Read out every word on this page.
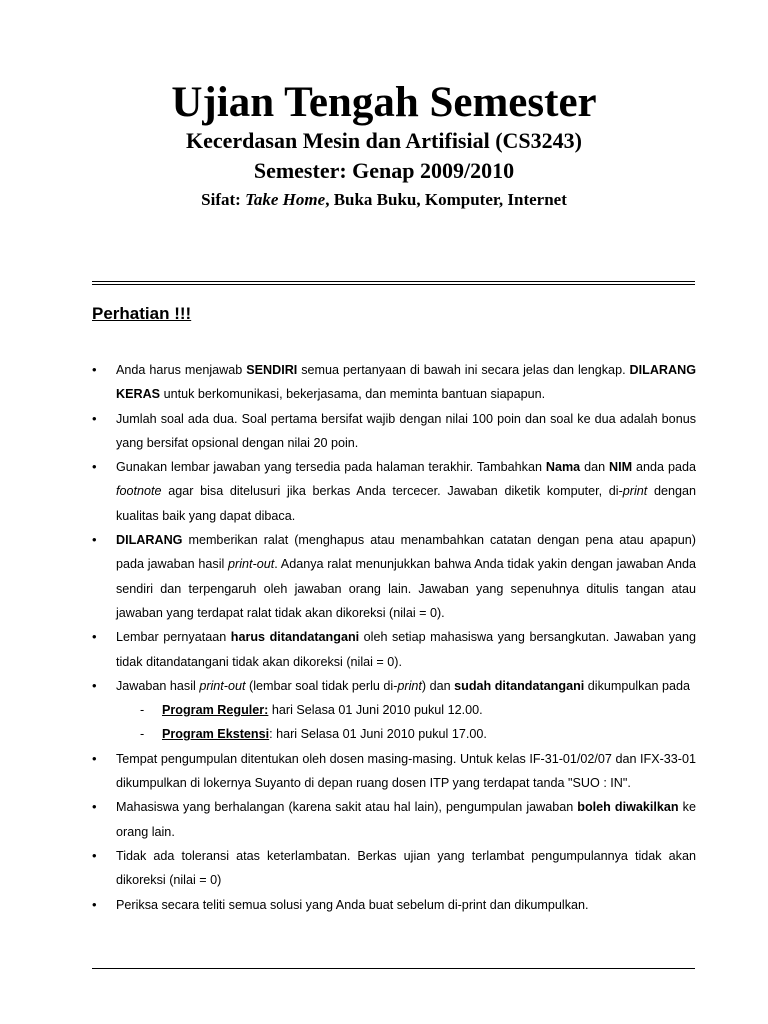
Ujian Tengah Semester

Kecerdasan Mesin dan Artifisial (CS3243)

Semester: Genap 2009/2010

Sifat: Take Home, Buka Buku, Komputer, Internet

Perhatian !!!
• Anda harus menjawab SENDIRI semua pertanyaan di bawah ini secara jelas dan lengkap. DILARANG KERAS untuk berkomunikasi, bekerjasama, dan meminta bantuan siapapun.
• Jumlah soal ada dua. Soal pertama bersifat wajib dengan nilai 100 poin dan soal ke dua adalah bonus yang bersifat opsional dengan nilai 20 poin.
• Gunakan lembar jawaban yang tersedia pada halaman terakhir. Tambahkan Nama dan NIM anda pada footnote agar bisa ditelusuri jika berkas Anda tercecer. Jawaban diketik komputer, di-print dengan kualitas baik yang dapat dibaca.
• DILARANG memberikan ralat (menghapus atau menambahkan catatan dengan pena atau apapun) pada jawaban hasil print-out. Adanya ralat menunjukkan bahwa Anda tidak yakin dengan jawaban Anda sendiri dan terpengaruh oleh jawaban orang lain. Jawaban yang sepenuhnya ditulis tangan atau jawaban yang terdapat ralat tidak akan dikoreksi (nilai = 0).
• Lembar pernyataan harus ditandatangani oleh setiap mahasiswa yang bersangkutan. Jawaban yang tidak ditandatangani tidak akan dikoreksi (nilai = 0).
• Jawaban hasil print-out (lembar soal tidak perlu di-print) dan sudah ditandatangani dikumpulkan pada
- Program Reguler: hari Selasa 01 Juni 2010 pukul 12.00.
- Program Ekstensi: hari Selasa 01 Juni 2010 pukul 17.00.
• Tempat pengumpulan ditentukan oleh dosen masing-masing. Untuk kelas IF-31-01/02/07 dan IFX-33-01 dikumpulkan di lokernya Suyanto di depan ruang dosen ITP yang terdapat tanda "SUO : IN".
• Mahasiswa yang berhalangan (karena sakit atau hal lain), pengumpulan jawaban boleh diwakilkan ke orang lain.
• Tidak ada toleransi atas keterlambatan. Berkas ujian yang terlambat pengumpulannya tidak akan dikoreksi (nilai = 0)
• Periksa secara teliti semua solusi yang Anda buat sebelum di-print dan dikumpulkan.
